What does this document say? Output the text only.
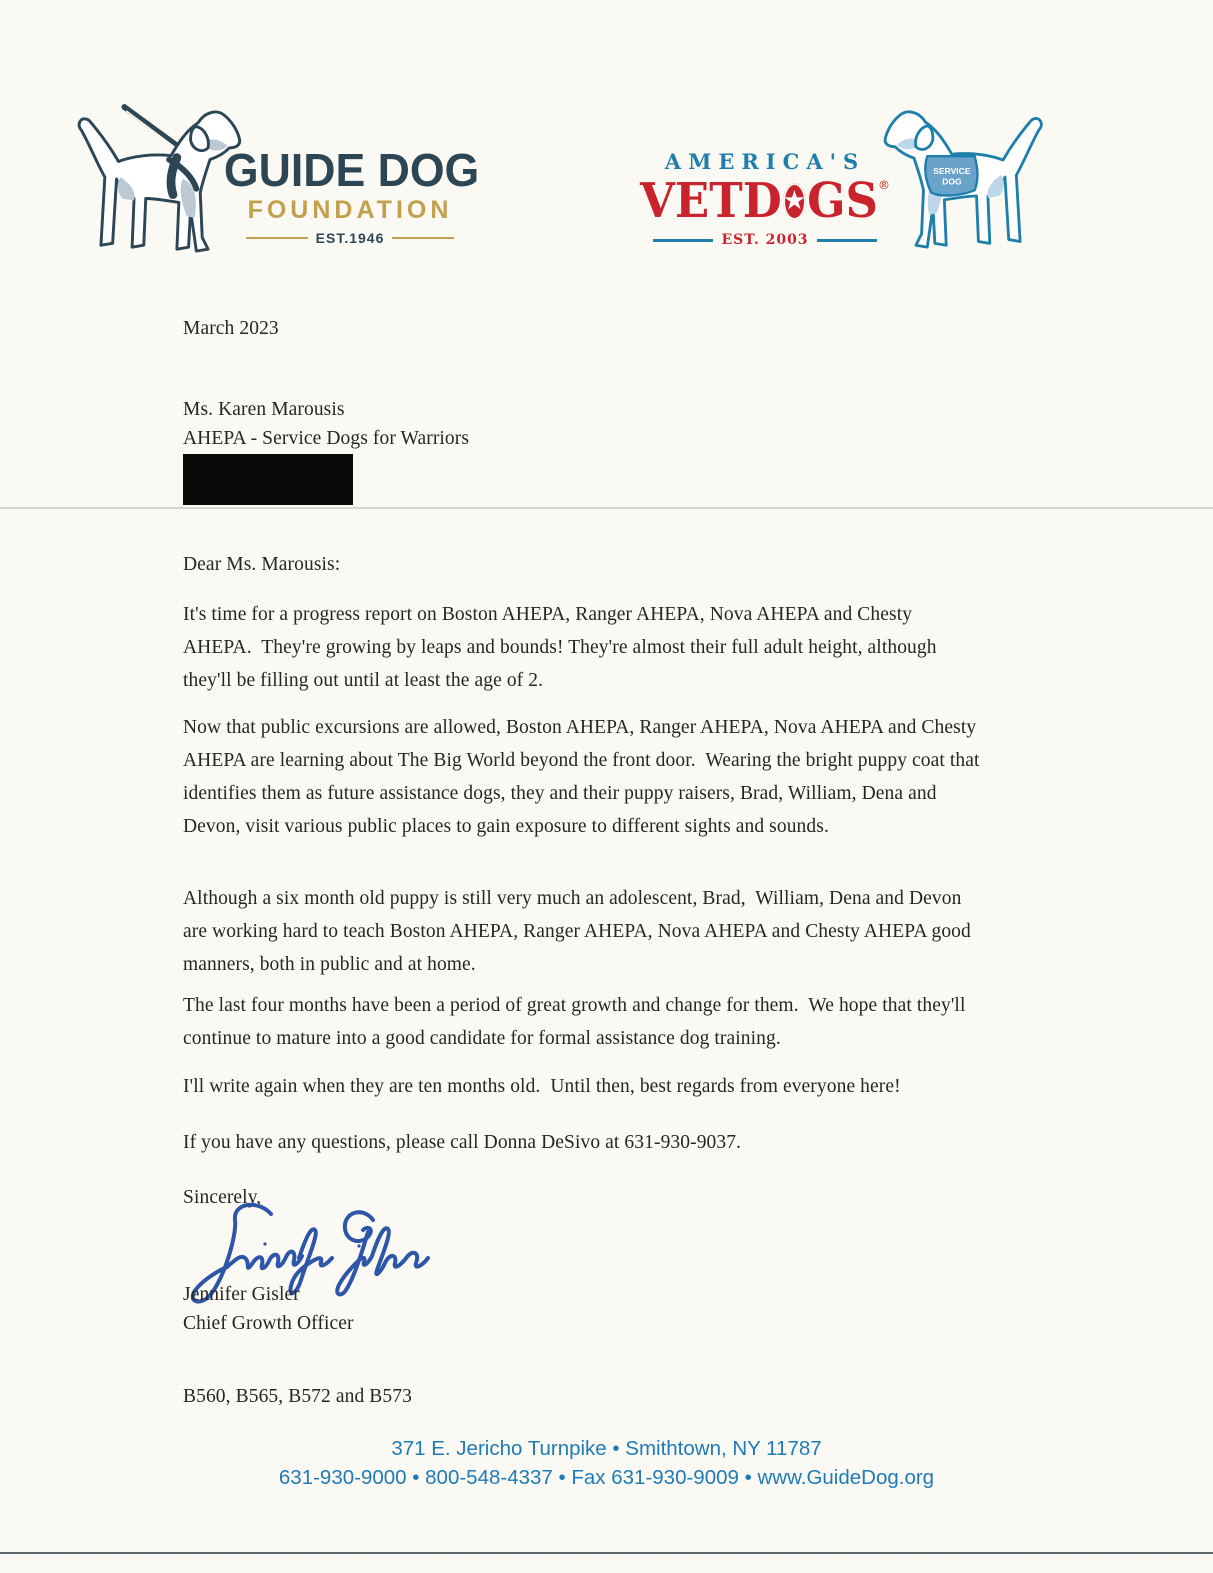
GUIDE DOG
FOUNDATION
EST.1946
AMERICA'S
VETD ★ GS ®
EST. 2003
SERVICE
DOG
March 2023
Ms. Karen Marousis
AHEPA - Service Dogs for Warriors
Dear Ms. Marousis:
It's time for a progress report on Boston AHEPA, Ranger AHEPA, Nova AHEPA and Chesty AHEPA.  They're growing by leaps and bounds! They're almost their full adult height, although they'll be filling out until at least the age of 2.
Now that public excursions are allowed, Boston AHEPA, Ranger AHEPA, Nova AHEPA and Chesty AHEPA are learning about The Big World beyond the front door.  Wearing the bright puppy coat that identifies them as future assistance dogs, they and their puppy raisers, Brad, William, Dena and Devon, visit various public places to gain exposure to different sights and sounds.
Although a six month old puppy is still very much an adolescent, Brad,  William, Dena and Devon are working hard to teach Boston AHEPA, Ranger AHEPA, Nova AHEPA and Chesty AHEPA good manners, both in public and at home.
The last four months have been a period of great growth and change for them.  We hope that they'll continue to mature into a good candidate for formal assistance dog training.
I'll write again when they are ten months old.  Until then, best regards from everyone here!
If you have any questions, please call Donna DeSivo at 631-930-9037.
Sincerely,
Jennifer Gisler
Chief Growth Officer
B560, B565, B572 and B573
371 E. Jericho Turnpike • Smithtown, NY 11787
631-930-9000 • 800-548-4337 • Fax 631-930-9009 • www.GuideDog.org
